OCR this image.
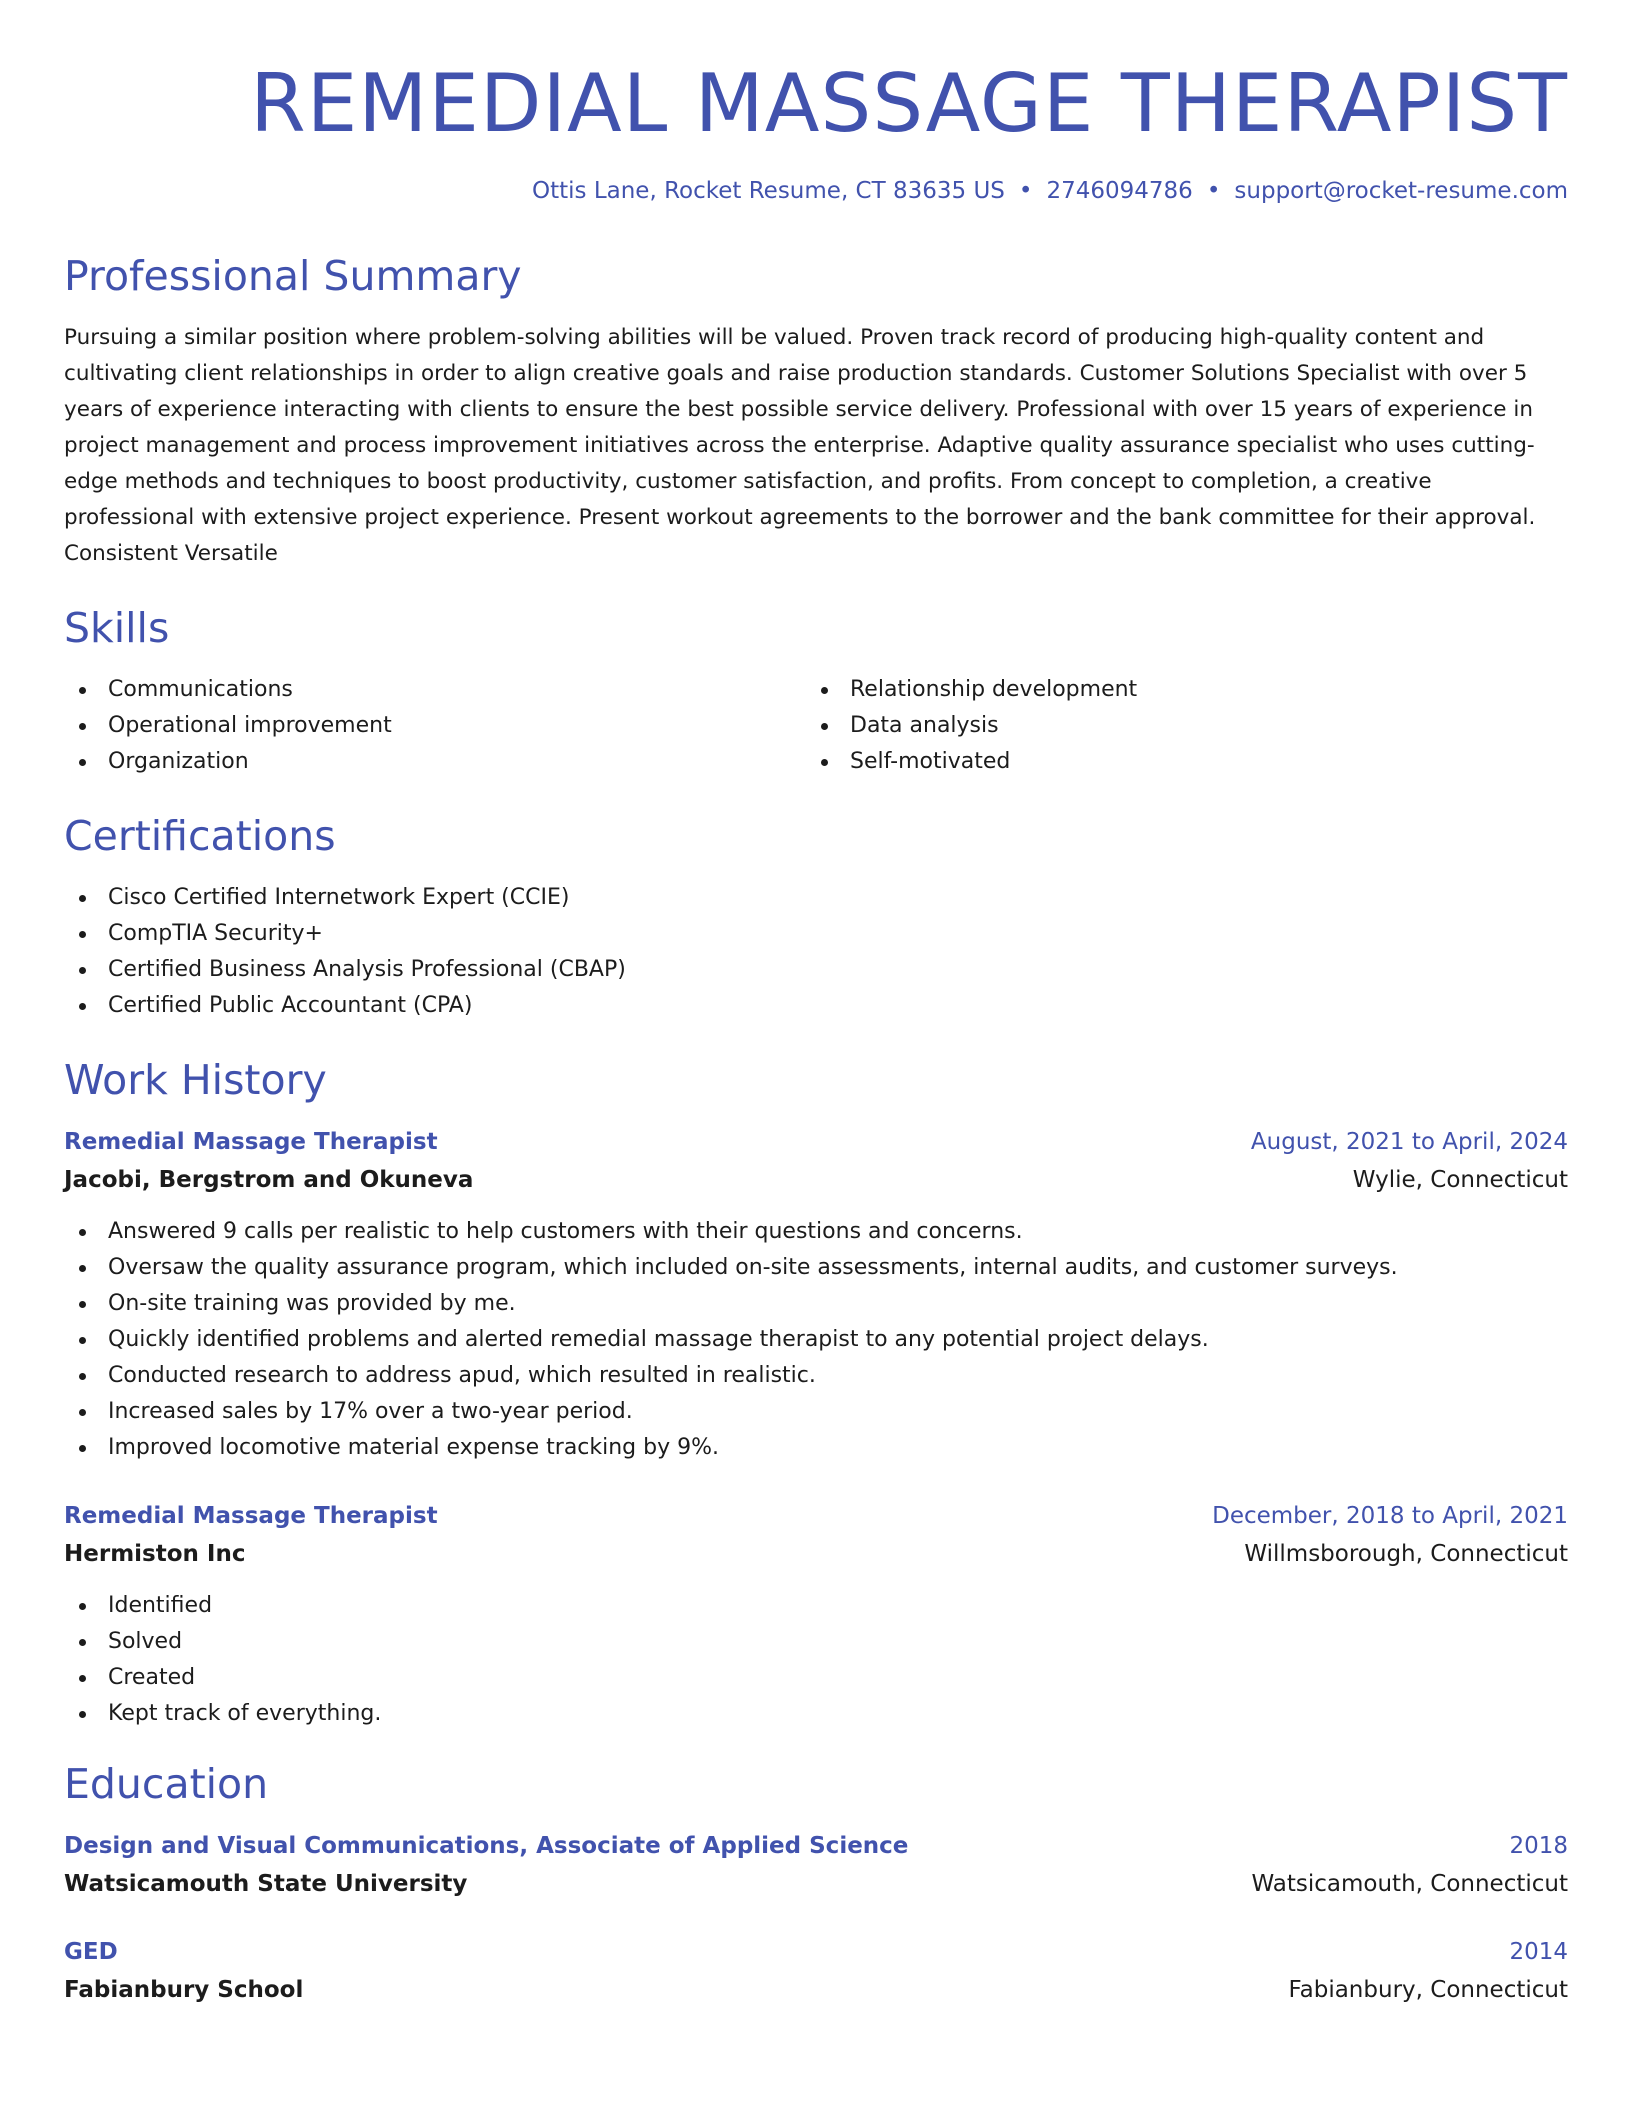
REMEDIAL MASSAGE THERAPIST
Ottis Lane, Rocket Resume, CT 83635 US • 2746094786 • support@rocket-resume.com
Professional Summary

Pursuing a similar position where problem-solving abilities will be valued. Proven track record of producing high-quality content and cultivating client relationships in order to align creative goals and raise production standards. Customer Solutions Specialist with over 5 years of experience interacting with clients to ensure the best possible service delivery. Professional with over 15 years of experience in project management and process improvement initiatives across the enterprise. Adaptive quality assurance specialist who uses cutting-edge methods and techniques to boost productivity, customer satisfaction, and profits. From concept to completion, a creative professional with extensive project experience. Present workout agreements to the borrower and the bank committee for their approval. Consistent Versatile

Skills
Communications
Operational improvement
Organization
Relationship development
Data analysis
Self-motivated
Certifications
Cisco Certified Internetwork Expert (CCIE)
CompTIA Security+
Certified Business Analysis Professional (CBAP)
Certified Public Accountant (CPA)
Work History
Remedial Massage Therapist	August, 2021 to April, 2024
Jacobi, Bergstrom and Okuneva	Wylie, Connecticut
Answered 9 calls per realistic to help customers with their questions and concerns.
Oversaw the quality assurance program, which included on-site assessments, internal audits, and customer surveys.
On-site training was provided by me.
Quickly identified problems and alerted remedial massage therapist to any potential project delays.
Conducted research to address apud, which resulted in realistic.
Increased sales by 17% over a two-year period.
Improved locomotive material expense tracking by 9%.
Remedial Massage Therapist	December, 2018 to April, 2021
Hermiston Inc	Willmsborough, Connecticut
Identified
Solved
Created
Kept track of everything.
Education
Design and Visual Communications, Associate of Applied Science	2018
Watsicamouth State University	Watsicamouth, Connecticut
GED	2014
Fabianbury School	Fabianbury, Connecticut
